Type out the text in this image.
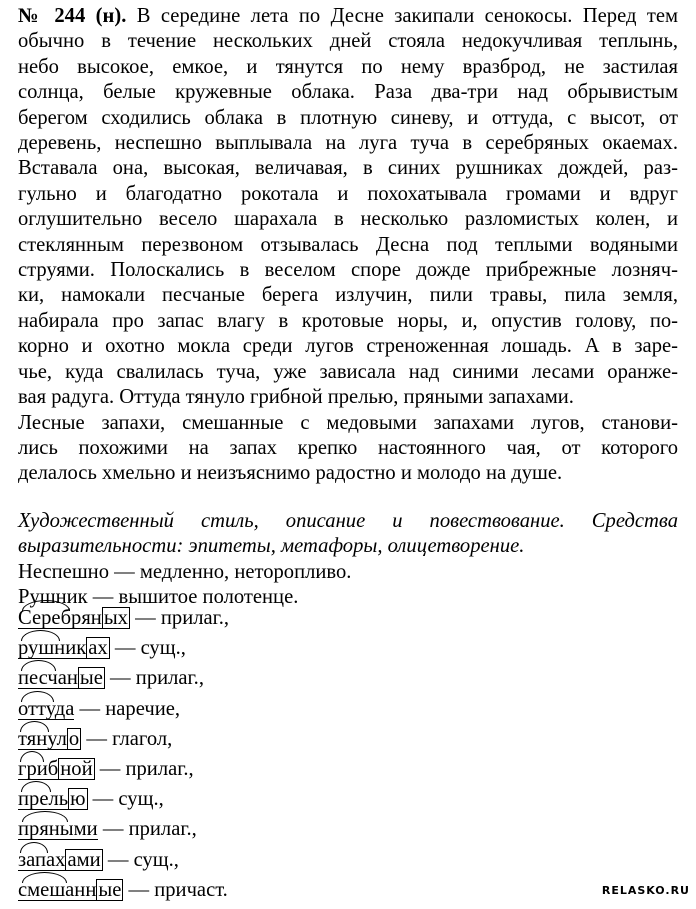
№ 244 (н). В середине лета по Десне закипали сенокосы. Перед тем
обычно в течение нескольких дней стояла недокучливая теплынь,
небо высокое, емкое, и тянутся по нему вразброд, не застилая
солнца, белые кружевные облака. Раза два-три над обрывистым
берегом сходились облака в плотную синеву, и оттуда, с высот, от
деревень, неспешно выплывала на луга туча в серебряных окаемах.
Вставала она, высокая, величавая, в синих рушниках дождей, раз-
гульно и благодатно рокотала и похохатывала громами и вдруг
оглушительно весело шарахала в несколько разломистых колен, и
стеклянным перезвоном отзывалась Десна под теплыми водяными
струями. Полоскались в веселом споре дожде прибрежные лозняч-
ки, намокали песчаные берега излучин, пили травы, пила земля,
набирала про запас влагу в кротовые норы, и, опустив голову, по-
корно и охотно мокла среди лугов стреноженная лошадь. А в заре-
чье, куда свалилась туча, уже зависала над синими лесами оранже-
вая радуга. Оттуда тянуло грибной прелью, пряными запахами.
Лесные запахи, смешанные с медовыми запахами лугов, станови-
лись похожими на запах крепко настоянного чая, от которого
делалось хмельно и неизъяснимо радостно и молодо на душе.
Художественный стиль, описание и повествование. Средства
выразительности: эпитеты, метафоры, олицетворение.
Неспешно — медленно, неторопливо.
Рушник — вышитое полотенце.
Серебрян
ых — прилаг.,
рушник
ах — сущ.,
песчан
ые — прилаг.,
оттуда
— наречие,
тянул
о — глагол,
гриб
ной — прилаг.,
прель
ю — сущ.,
пряными
— прилаг.,
запах
ами — сущ.,
смешанн
ые — причаст.	RELASKO.RU
